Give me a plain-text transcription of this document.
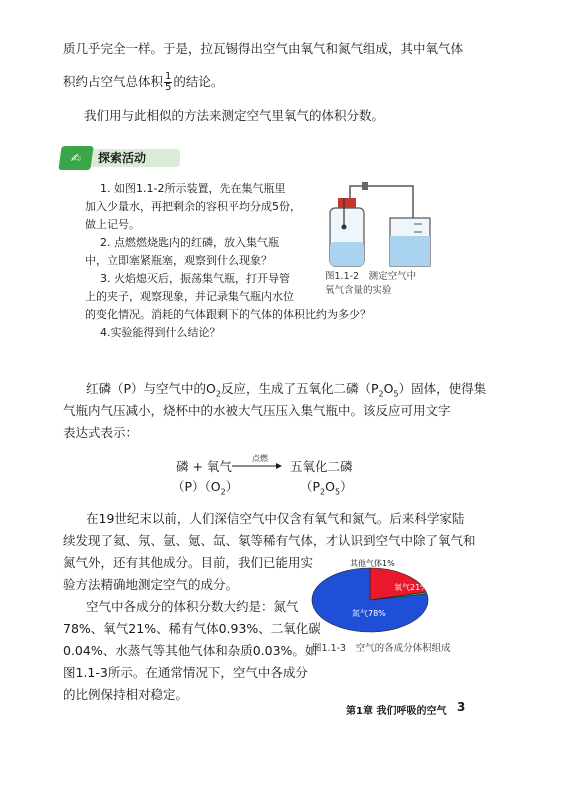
质几乎完全一样。于是，拉瓦锡得出空气由氧气和氮气组成，其中氧气体
积约占空气总体积 $\frac{1}{5}$ 的结论。
我们用与此相似的方法来测定空气里氧气的体积分数。
✍	探索活动
1. 如图1.1-2所示装置，先在集气瓶里
加入少量水，再把剩余的容积平均分成5份，
做上记号。
2. 点燃燃烧匙内的红磷，放入集气瓶
中，立即塞紧瓶塞，观察到什么现象？
3. 火焰熄灭后，振荡集气瓶，打开导管
上的夹子，观察现象，并记录集气瓶内水位
的变化情况。消耗的气体跟剩下的气体的体积比约为多少？
4.实验能得到什么结论？
图1.1-2　测定空气中
氧气含量的实验
红磷（P）与空气中的$O_2$反应，生成了五氧化二磷$(P_2O_5)$固体，使得集
气瓶内气压减小，烧杯中的水被大气压压入集气瓶中。该反应可用文字
表达式表示：
磷 + 氧气
点燃
→ 五氧化二磷
$(P)(O_2)$	$(P_2O_5)$
在19世纪末以前，人们深信空气中仅含有氧气和氮气。后来科学家陆
续发现了氦、氖、氩、氪、氙、氡等稀有气体，才认识到空气中除了氧气和
氮气外，还有其他成分。目前，我们已能用实
验方法精确地测定空气的成分。
空气中各成分的体积分数大约是：氮气
78%、氧气21%、稀有气体0.93%、二氧化碳
0.04%、水蒸气等其他气体和杂质0.03%。如
图1.1-3所示。在通常情况下，空气中各成分
的比例保持相对稳定。
氮气78%
氧气21%
其他气体1%
图1.1-3　空气的各成分体积组成
第1章 我们呼吸的空气 3
